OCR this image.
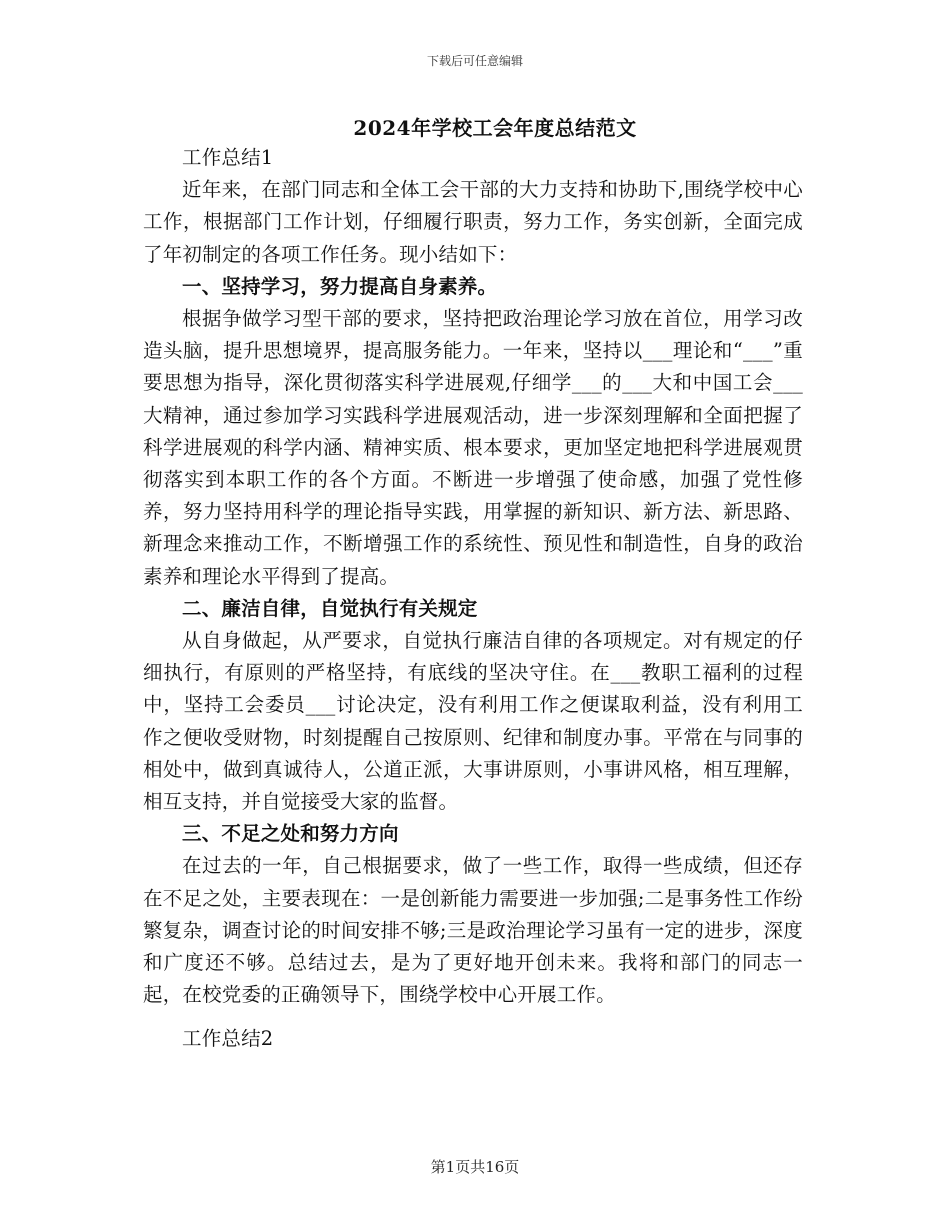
下载后可任意编辑
2024年学校工会年度总结范文

工作总结1

近年来，在部门同志和全体工会干部的大力支持和协助下,围绕学校中心工作，根据部门工作计划，仔细履行职责，努力工作，务实创新，全面完成了年初制定的各项工作任务。现小结如下：

一、坚持学习，努力提高自身素养。

根据争做学习型干部的要求，坚持把政治理论学习放在首位，用学习改造头脑，提升思想境界，提高服务能力。一年来，坚持以___理论和“___”重要思想为指导，深化贯彻落实科学进展观,仔细学___的___大和中国工会___大精神，通过参加学习实践科学进展观活动，进一步深刻理解和全面把握了科学进展观的科学内涵、精神实质、根本要求，更加坚定地把科学进展观贯彻落实到本职工作的各个方面。不断进一步增强了使命感，加强了党性修养，努力坚持用科学的理论指导实践，用掌握的新知识、新方法、新思路、新理念来推动工作，不断增强工作的系统性、预见性和制造性，自身的政治素养和理论水平得到了提高。

二、廉洁自律，自觉执行有关规定

从自身做起，从严要求，自觉执行廉洁自律的各项规定。对有规定的仔细执行，有原则的严格坚持，有底线的坚决守住。在___教职工福利的过程中，坚持工会委员___讨论决定，没有利用工作之便谋取利益，没有利用工作之便收受财物，时刻提醒自己按原则、纪律和制度办事。平常在与同事的相处中，做到真诚待人，公道正派，大事讲原则，小事讲风格，相互理解，相互支持，并自觉接受大家的监督。

三、不足之处和努力方向

在过去的一年，自己根据要求，做了一些工作，取得一些成绩，但还存在不足之处，主要表现在：一是创新能力需要进一步加强;二是事务性工作纷繁复杂，调查讨论的时间安排不够;三是政治理论学习虽有一定的进步，深度和广度还不够。总结过去，是为了更好地开创未来。我将和部门的同志一起，在校党委的正确领导下，围绕学校中心开展工作。

工作总结2

第1页共16页
